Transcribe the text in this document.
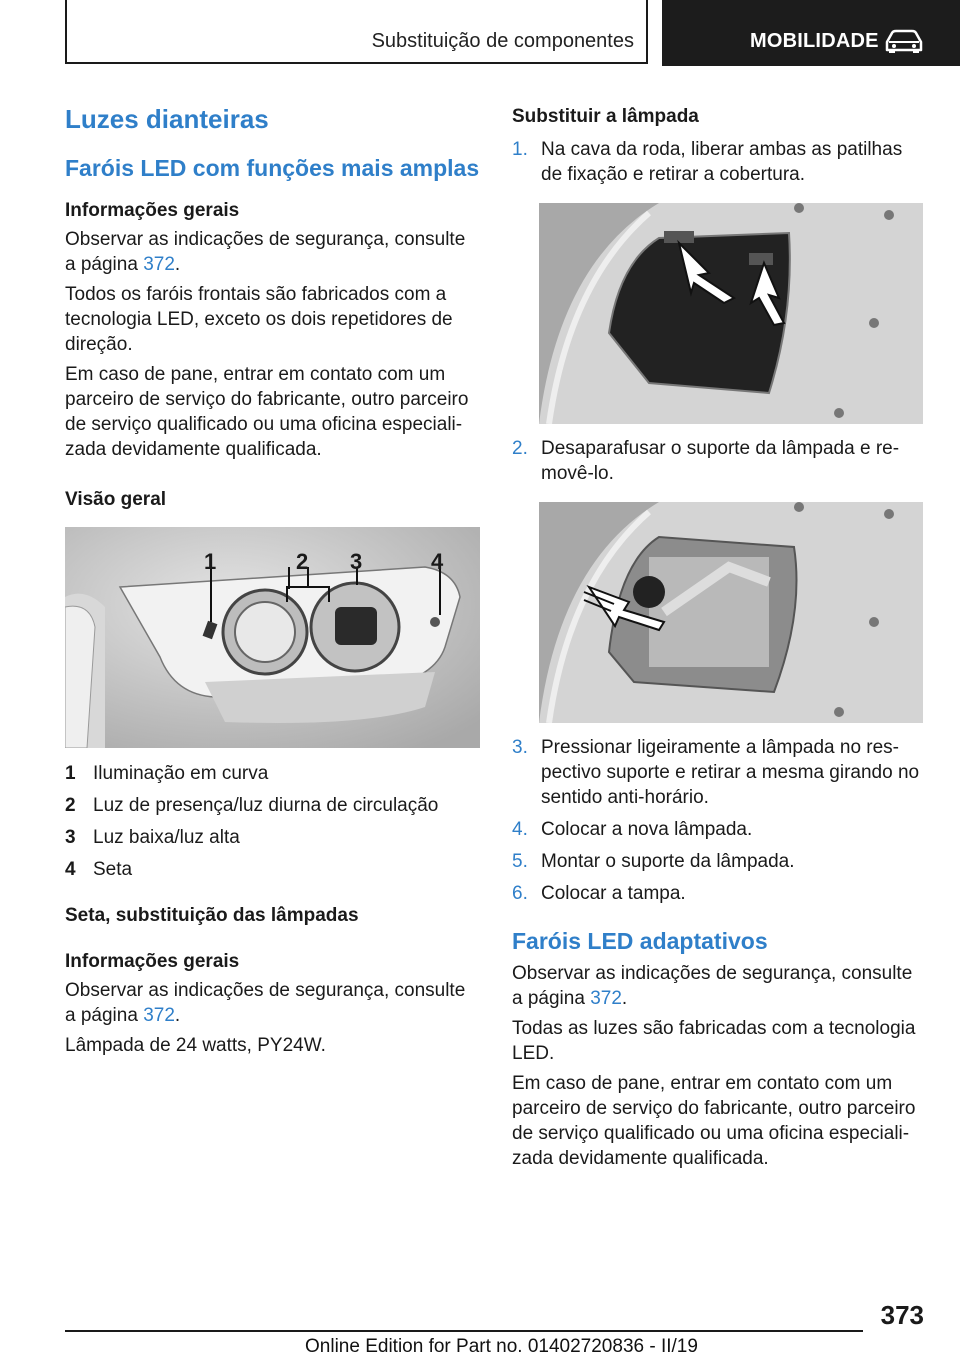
Substituição de componentes	MOBILIDADE
Luzes dianteiras
Faróis LED com funções mais amplas
Informações gerais

Observar as indicações de segurança, consulte a página 372.

Todos os faróis frontais são fabricados com a tecnologia LED, exceto os dois repetidores de direção.

Em caso de pane, entrar em contato com um parceiro de serviço do fabricante, outro parceiro de serviço qualificado ou uma oficina especiali-zada devidamente qualificada.

Visão geral
1	2 3	4
1 Iluminação em curva
2 Luz de presença/luz diurna de circulação
3 Luz baixa/luz alta
4 Seta
Seta, substituição das lâmpadas
Informações gerais

Observar as indicações de segurança, consulte a página 372.

Lâmpada de 24 watts, PY24W.

Substituir a lâmpada
1. Na cava da roda, liberar ambas as patilhas de fixação e retirar a cobertura.
2. Desaparafusar o suporte da lâmpada e re-movê-lo.
3. Pressionar ligeiramente a lâmpada no res-pectivo suporte e retirar a mesma girando no sentido anti-horário.
4. Colocar a nova lâmpada.
5. Montar o suporte da lâmpada.
6. Colocar a tampa.
Faróis LED adaptativos

Observar as indicações de segurança, consulte a página 372.

Todas as luzes são fabricadas com a tecnologia LED.

Em caso de pane, entrar em contato com um parceiro de serviço do fabricante, outro parceiro de serviço qualificado ou uma oficina especiali-zada devidamente qualificada.

373
Online Edition for Part no. 01402720836 - II/19
